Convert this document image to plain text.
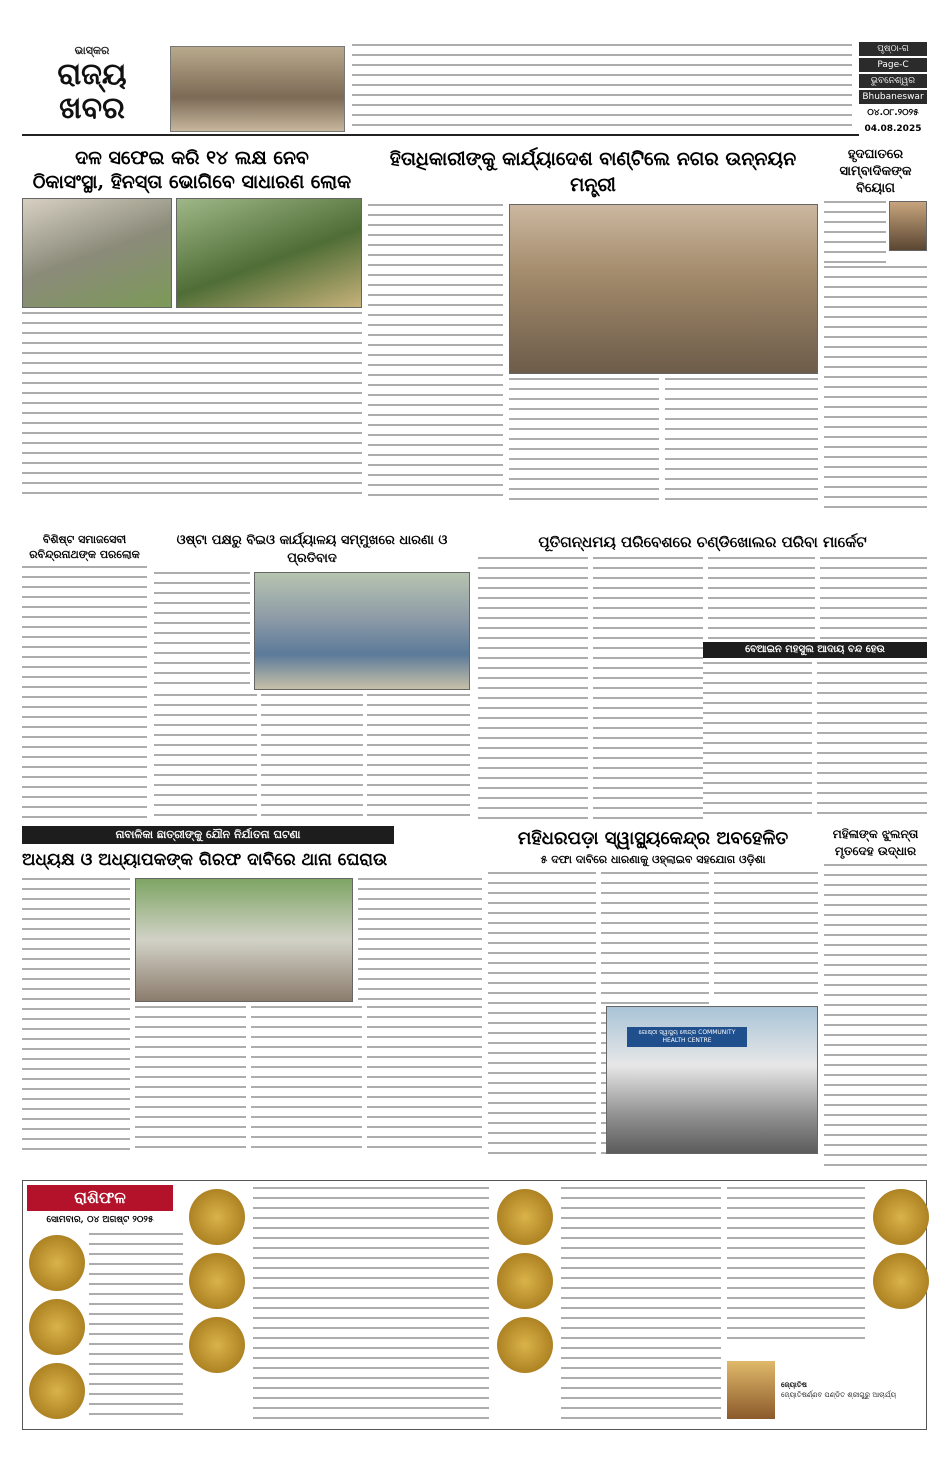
ଭାସ୍କର
ରାଜ୍ୟ
ଖବର
ପୃଷ୍ଠା-ଗ
Page-C
ଭୁବନେଶ୍ୱର
Bhubaneswar
୦୪.୦୮.୨୦୨୫
04.08.2025
ଦଳ ସଫେଇ କରି ୧୪ ଲକ୍ଷ ନେବ
ଠିକାସଂସ୍ଥା, ହିନସ୍ତା ଭୋଗିବେ ସାଧାରଣ ଲୋକ
ହିତାଧିକାରୀଙ୍କୁ କାର୍ଯ୍ୟାଦେଶ ବାଣ୍ଟିଲେ ନଗର ଉନ୍ନୟନ ମନ୍ତ୍ରୀ
ହୃଦଘାତରେ
ସାମ୍ବାଦିକଙ୍କ ବିୟୋଗ
ବିଶିଷ୍ଟ ସମାଜସେବୀ
ରବିନ୍ଦ୍ରନାଥଙ୍କ ପରଲୋକ
ଓଷ୍ଟା ପକ୍ଷରୁ ବିଇଓ କାର୍ଯ୍ୟାଳୟ ସମ୍ମୁଖରେ ଧାରଣା ଓ ପ୍ରତିବାଦ
ପୂତିଗନ୍ଧମୟ ପରିବେଶରେ ଚଣ୍ଡିଖୋଲର ପରିବା ମାର୍କେଟ
ବେଆଇନ ମହସୁଲ ଆଦାୟ ବନ୍ଦ ହେଉ
ନାବାଳିକା ଛାତ୍ରୀଙ୍କୁ ଯୌନ ନିର୍ଯାତନା ଘଟଣା
ଅଧ୍ୟକ୍ଷ ଓ ଅଧ୍ୟାପକଙ୍କ ଗିରଫ ଦାବିରେ ଥାନା ଘେରାଉ
ମହିଧରପଡ଼ା ସ୍ୱାସ୍ଥ୍ୟକେନ୍ଦ୍ର ଅବହେଳିତ
୫ ଦଫା ଦାବିରେ ଧାରଣାକୁ ଓହ୍ଲାଇବ ସହଯୋଗ ଓଡ଼ିଶା
ଗୋଷ୍ଠୀ ସ୍ୱାସ୍ଥ୍ୟ କେନ୍ଦ୍ର COMMUNITY HEALTH CENTRE
ମହିଳାଙ୍କ ଝୁଲନ୍ତା
ମୃତଦେହ ଉଦ୍ଧାର
ରାଶିଫଳ
ସୋମବାର, ୦୪ ଅଗଷ୍ଟ ୨୦୨୫

ଜ୍ୟୋତିଷ
ଜ୍ୟୋତିଷର୍ଣ୍ଣବ ପଣ୍ଡିତ ଶ୍ରୀଗୁରୁ ଆଚାର୍ଯ୍ୟ
